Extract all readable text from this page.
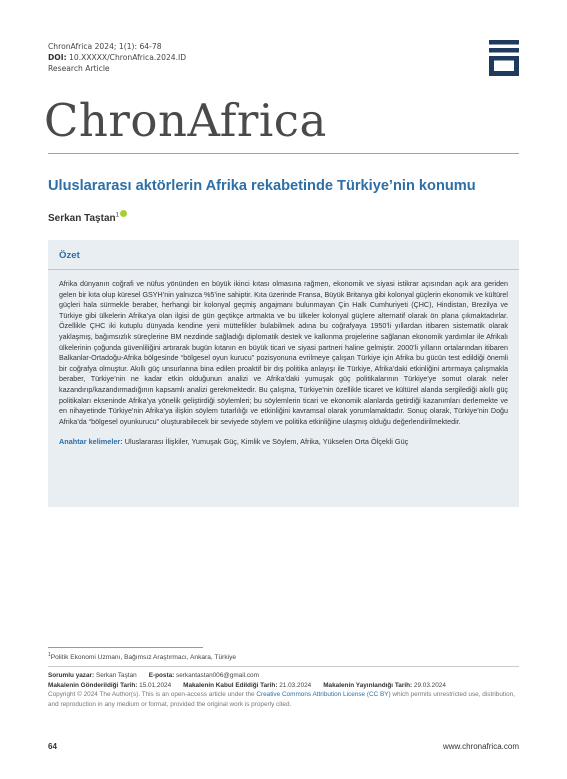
ChronAfrica 2024; 1(1): 64-78
DOI: 10.XXXXX/ChronAfrica.2024.ID
Research Article
ChronAfrica
Uluslararası aktörlerin Afrika rekabetinde Türkiye’nin konumu
Serkan Taştan$^1$
Özet

Afrika dünyanın coğrafi ve nüfus yönünden en büyük ikinci kıtası olmasına rağmen, ekonomik ve siyasi istikrar açısından açık ara geriden gelen bir kıta olup küresel GSYH’nin yalnızca %5’ine sahiptir. Kıta üzerinde Fransa, Büyük Britanya gibi kolonyal güçlerin ekonomik ve kültürel güçleri hala sürmekle beraber, herhangi bir kolonyal geçmiş angajmanı bulunmayan Çin Halk Cumhuriyeti (ÇHC), Hindistan, Brezilya ve Türkiye gibi ülkelerin Afrika’ya olan ilgisi de gün geçtikçe artmakta ve bu ülkeler kolonyal güçlere alternatif olarak ön plana çıkmaktadırlar. Özellikle ÇHC iki kutuplu dünyada kendine yeni müttefikler bulabilmek adına bu coğrafyaya 1950’li yıllardan itibaren sistematik olarak yaklaşmış, bağımsızlık süreçlerine BM nezdinde sağladığı diplomatik destek ve kalkınma projelerine sağlanan ekonomik yardımlar ile Afrikalı ülkelerinin çoğunda güvenliliğini artırarak bugün kıtanın en büyük ticari ve siyasi partneri haline gelmiştir. 2000’li yılların ortalarından itibaren Balkanlar-Ortadoğu-Afrika bölgesinde “bölgesel oyun kurucu” pozisyonuna evrilmeye çalışan Türkiye için Afrika bu gücün test edildiği önemli bir coğrafya olmuştur. Akıllı güç unsurlarına bina edilen proaktif bir dış politika anlayışı ile Türkiye, Afrika’daki etkinliğini artırmaya çalışmakla beraber, Türkiye’nin ne kadar etkin olduğunun analizi ve Afrika’daki yumuşak güç politikalarının Türkiye’ye somut olarak neler kazandırıp/kazandırmadığının kapsamlı analizi gerekmektedir. Bu çalışma, Türkiye’nin özellikle ticaret ve kültürel alanda sergilediği akıllı güç politikaları ekseninde Afrika’ya yönelik geliştirdiği söylemleri; bu söylemlerin ticari ve ekonomik alanlarda getirdiği kazanımları derlemekte ve en nihayetinde Türkiye’nin Afrika’ya ilişkin söylem tutarlılığı ve etkinliğini kavramsal olarak yorumlamaktadır. Sonuç olarak, Türkiye’nin Doğu Afrika’da “bölgesel oyunkurucu” oluşturabilecek bir seviyede söylem ve politika etkinliğine ulaşmış olduğu değerlendirilmektedir.

Anahtar kelimeler: Uluslararası İlişkiler, Yumuşak Güç, Kimlik ve Söylem, Afrika, Yükselen Orta Ölçekli Güç
$^1$Politik Ekonomi Uzmanı, Bağımsız Araştırmacı, Ankara, Türkiye
Sorumlu yazar: Serkan Taştan E-posta: serkantastan006@gmail.com
Makalenin Gönderildiği Tarih: 15.01.2024 Makalenin Kabul Edildiği Tarih: 21.03.2024 Makalenin Yayınlandığı Tarih: 29.03.2024
Copyright © 2024 The Author(s). This is an open-access article under the Creative Commons Attribution License (CC BY) which permits unrestricted use, distribution, and reproduction in any medium or format, provided the original work is properly cited.
64	www.chronafrica.com
